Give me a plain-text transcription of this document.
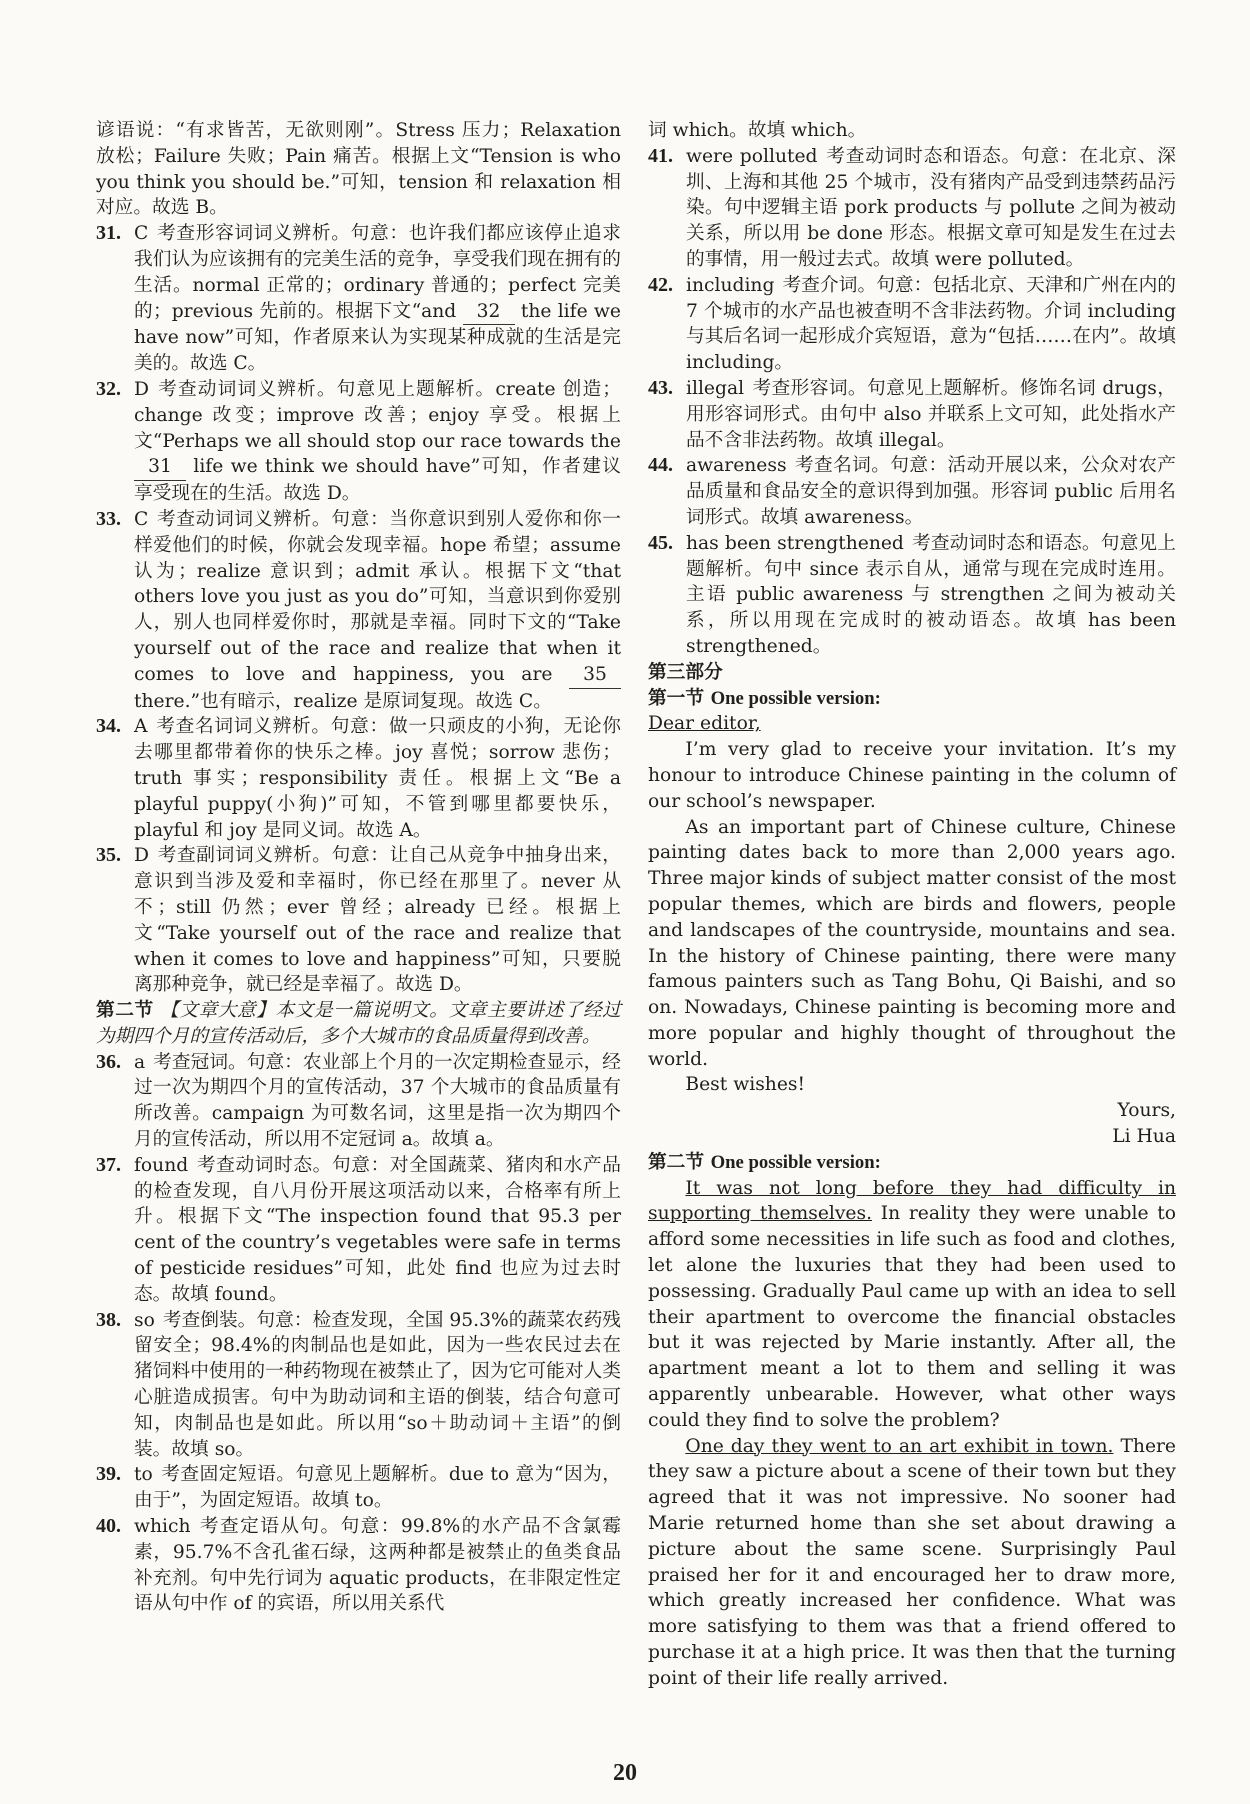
谚语说：“有求皆苦，无欲则刚”。Stress 压力；Relaxation 放松；Failure 失败；Pain 痛苦。根据上文“Tension is who you think you should be.”可知，tension 和 relaxation 相对应。故选 B。

31. C 考查形容词词义辨析。句意：也许我们都应该停止追求我们认为应该拥有的完美生活的竞争，享受我们现在拥有的生活。normal 正常的；ordinary 普通的；perfect 完美的；previous 先前的。根据下文“and 32 the life we have now”可知，作者原来认为实现某种成就的生活是完美的。故选 C。
32. D 考查动词词义辨析。句意见上题解析。create 创造；change 改变；improve 改善；enjoy 享受。根据上文“Perhaps we all should stop our race towards the 31 life we think we should have”可知，作者建议享受现在的生活。故选 D。
33. C 考查动词词义辨析。句意：当你意识到别人爱你和你一样爱他们的时候，你就会发现幸福。hope 希望；assume 认为；realize 意识到；admit 承认。根据下文“that others love you just as you do”可知，当意识到你爱别人，别人也同样爱你时，那就是幸福。同时下文的“Take yourself out of the race and realize that when it comes to love and happiness, you are 35 there.”也有暗示，realize 是原词复现。故选 C。
34. A 考查名词词义辨析。句意：做一只顽皮的小狗，无论你去哪里都带着你的快乐之棒。joy 喜悦；sorrow 悲伤；truth 事实；responsibility 责任。根据上文“Be a playful puppy(小狗)”可知，不管到哪里都要快乐，playful 和 joy 是同义词。故选 A。
35. D 考查副词词义辨析。句意：让自己从竞争中抽身出来，意识到当涉及爱和幸福时，你已经在那里了。never 从不；still 仍然；ever 曾经；already 已经。根据上文“Take yourself out of the race and realize that when it comes to love and happiness”可知，只要脱离那种竞争，就已经是幸福了。故选 D。

第二节 【文章大意】本文是一篇说明文。文章主要讲述了经过为期四个月的宣传活动后，多个大城市的食品质量得到改善。

36. a 考查冠词。句意：农业部上个月的一次定期检查显示，经过一次为期四个月的宣传活动，37 个大城市的食品质量有所改善。campaign 为可数名词，这里是指一次为期四个月的宣传活动，所以用不定冠词 a。故填 a。
37. found 考查动词时态。句意：对全国蔬菜、猪肉和水产品的检查发现，自八月份开展这项活动以来，合格率有所上升。根据下文“The inspection found that 95.3 per cent of the country’s vegetables were safe in terms of pesticide residues”可知，此处 find 也应为过去时态。故填 found。
38. so 考查倒装。句意：检查发现，全国 95.3%的蔬菜农药残留安全；98.4%的肉制品也是如此，因为一些农民过去在猪饲料中使用的一种药物现在被禁止了，因为它可能对人类心脏造成损害。句中为助动词和主语的倒装，结合句意可知，肉制品也是如此。所以用“so＋助动词＋主语”的倒装。故填 so。
39. to 考查固定短语。句意见上题解析。due to 意为“因为，由于”，为固定短语。故填 to。
40. which 考查定语从句。句意：99.8%的水产品不含氯霉素，95.7%不含孔雀石绿，这两种都是被禁止的鱼类食品补充剂。句中先行词为 aquatic products，在非限定性定语从句中作 of 的宾语，所以用关系代

词 which。故填 which。

41. were polluted 考查动词时态和语态。句意：在北京、深圳、上海和其他 25 个城市，没有猪肉产品受到违禁药品污染。句中逻辑主语 pork products 与 pollute 之间为被动关系，所以用 be done 形态。根据文章可知是发生在过去的事情，用一般过去式。故填 were polluted。
42. including 考查介词。句意：包括北京、天津和广州在内的 7 个城市的水产品也被查明不含非法药物。介词 including 与其后名词一起形成介宾短语，意为“包括……在内”。故填 including。
43. illegal 考查形容词。句意见上题解析。修饰名词 drugs，用形容词形式。由句中 also 并联系上文可知，此处指水产品不含非法药物。故填 illegal。
44. awareness 考查名词。句意：活动开展以来，公众对农产品质量和食品安全的意识得到加强。形容词 public 后用名词形式。故填 awareness。
45. has been strengthened 考查动词时态和语态。句意见上题解析。句中 since 表示自从，通常与现在完成时连用。主语 public awareness 与 strengthen 之间为被动关系，所以用现在完成时的被动语态。故填 has been strengthened。

第三部分

第一节 One possible version:

Dear editor,

I’m very glad to receive your invitation. It’s my honour to introduce Chinese painting in the column of our school’s newspaper.

As an important part of Chinese culture, Chinese painting dates back to more than 2,000 years ago. Three major kinds of subject matter consist of the most popular themes, which are birds and flowers, people and landscapes of the countryside, mountains and sea. In the history of Chinese painting, there were many famous painters such as Tang Bohu, Qi Baishi, and so on. Nowadays, Chinese painting is becoming more and more popular and highly thought of throughout the world.

Best wishes!

Yours,

Li Hua

第二节 One possible version:

It was not long before they had difficulty in supporting themselves. In reality they were unable to afford some necessities in life such as food and clothes, let alone the luxuries that they had been used to possessing. Gradually Paul came up with an idea to sell their apartment to overcome the financial obstacles but it was rejected by Marie instantly. After all, the apartment meant a lot to them and selling it was apparently unbearable. However, what other ways could they find to solve the problem?

One day they went to an art exhibit in town. There they saw a picture about a scene of their town but they agreed that it was not impressive. No sooner had Marie returned home than she set about drawing a picture about the same scene. Surprisingly Paul praised her for it and encouraged her to draw more, which greatly increased her confidence. What was more satisfying to them was that a friend offered to purchase it at a high price. It was then that the turning point of their life really arrived.

20
